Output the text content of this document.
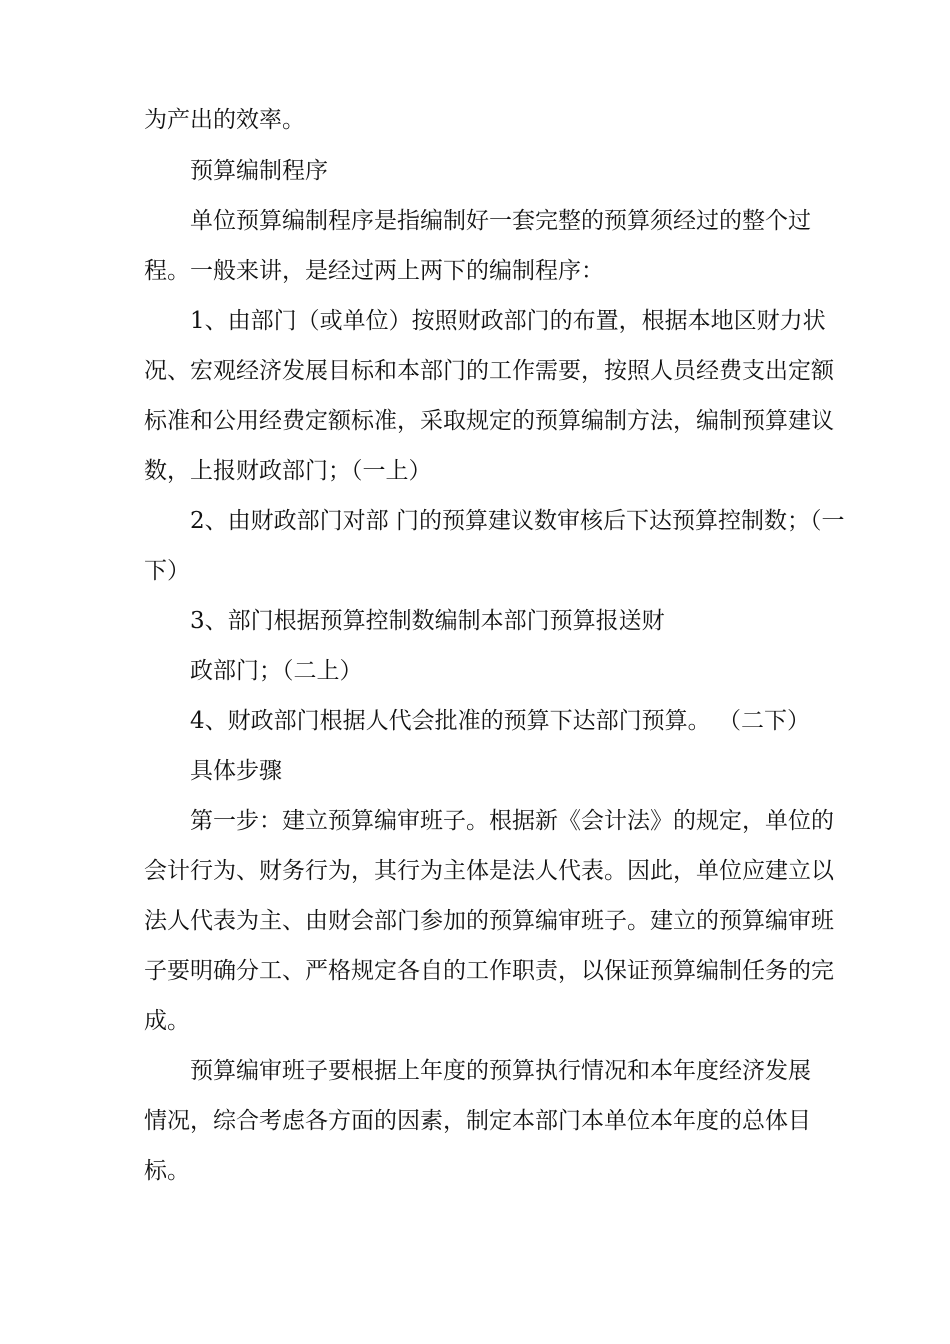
为产出的效率。

预算编制程序

单位预算编制程序是指编制好一套完整的预算须经过的整个过

程。一般来讲，是经过两上两下的编制程序：

1、由部门（或单位）按照财政部门的布置，根据本地区财力状

况、宏观经济发展目标和本部门的工作需要，按照人员经费支出定额

标准和公用经费定额标准，采取规定的预算编制方法，编制预算建议

数，上报财政部门；（一上）

2、由财政部门对部 门的预算建议数审核后下达预算控制数；（一

下）

3、部门根据预算控制数编制本部门预算报送财

政部门；（二上）

4、财政部门根据人代会批准的预算下达部门预算。 （二下）

具体步骤

第一步：建立预算编审班子。根据新《会计法》的规定，单位的

会计行为、财务行为，其行为主体是法人代表。因此，单位应建立以

法人代表为主、由财会部门参加的预算编审班子。建立的预算编审班

子要明确分工、严格规定各自的工作职责，以保证预算编制任务的完

成。

预算编审班子要根据上年度的预算执行情况和本年度经济发展

情况，综合考虑各方面的因素，制定本部门本单位本年度的总体目

标。
